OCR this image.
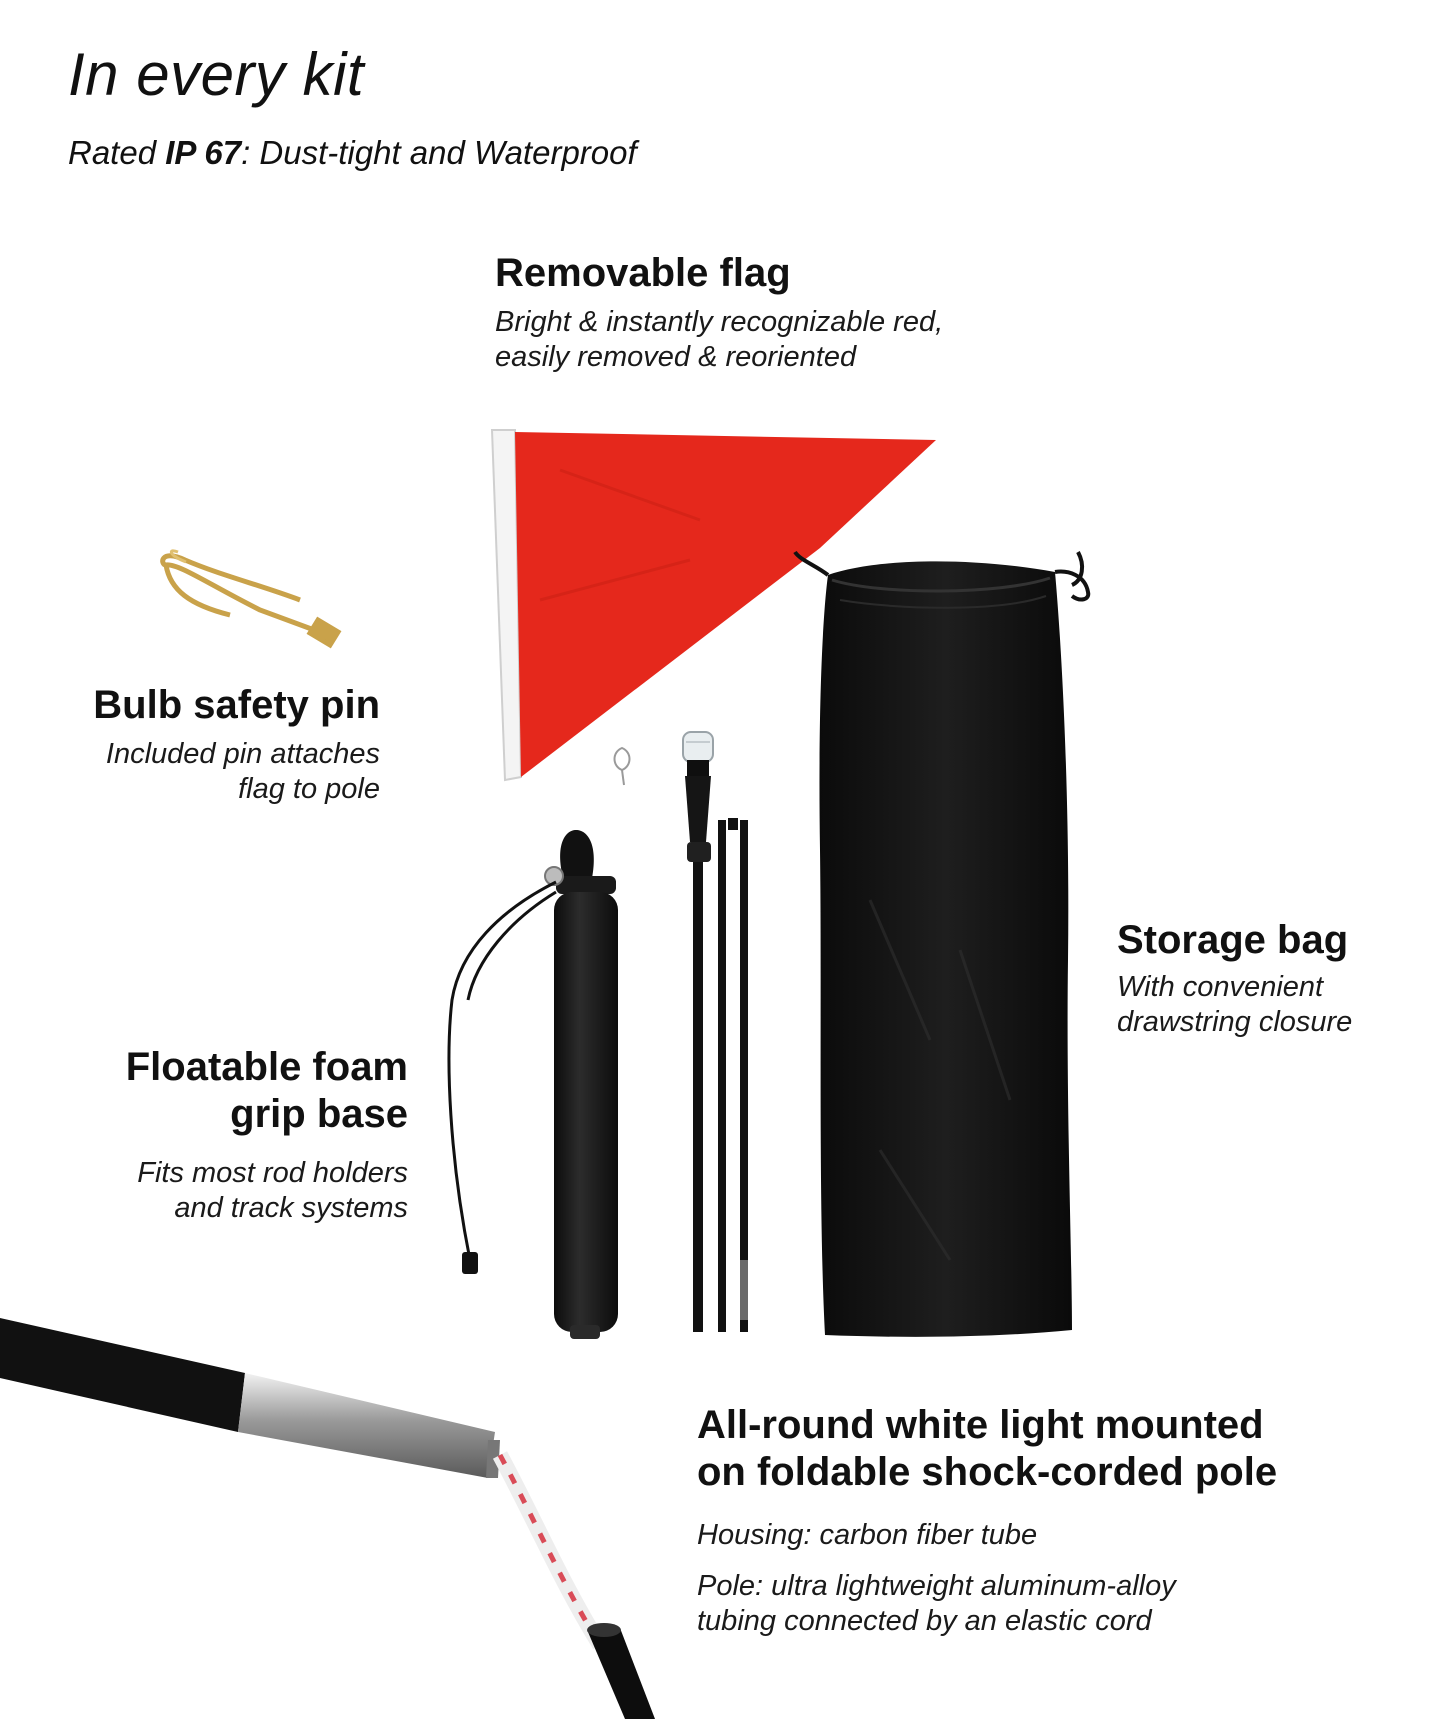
In every kit

Rated IP 67: Dust-tight and Waterproof

Removable flag

Bright & instantly recognizable red,

easily removed & reoriented

Bulb safety pin

Included pin attaches

flag to pole

Storage bag

With convenient

drawstring closure

Floatable foam

grip base

Fits most rod holders

and track systems

All-round white light mounted

on foldable shock-corded pole

Housing: carbon fiber tube

Pole: ultra lightweight aluminum-alloy

tubing connected by an elastic cord
